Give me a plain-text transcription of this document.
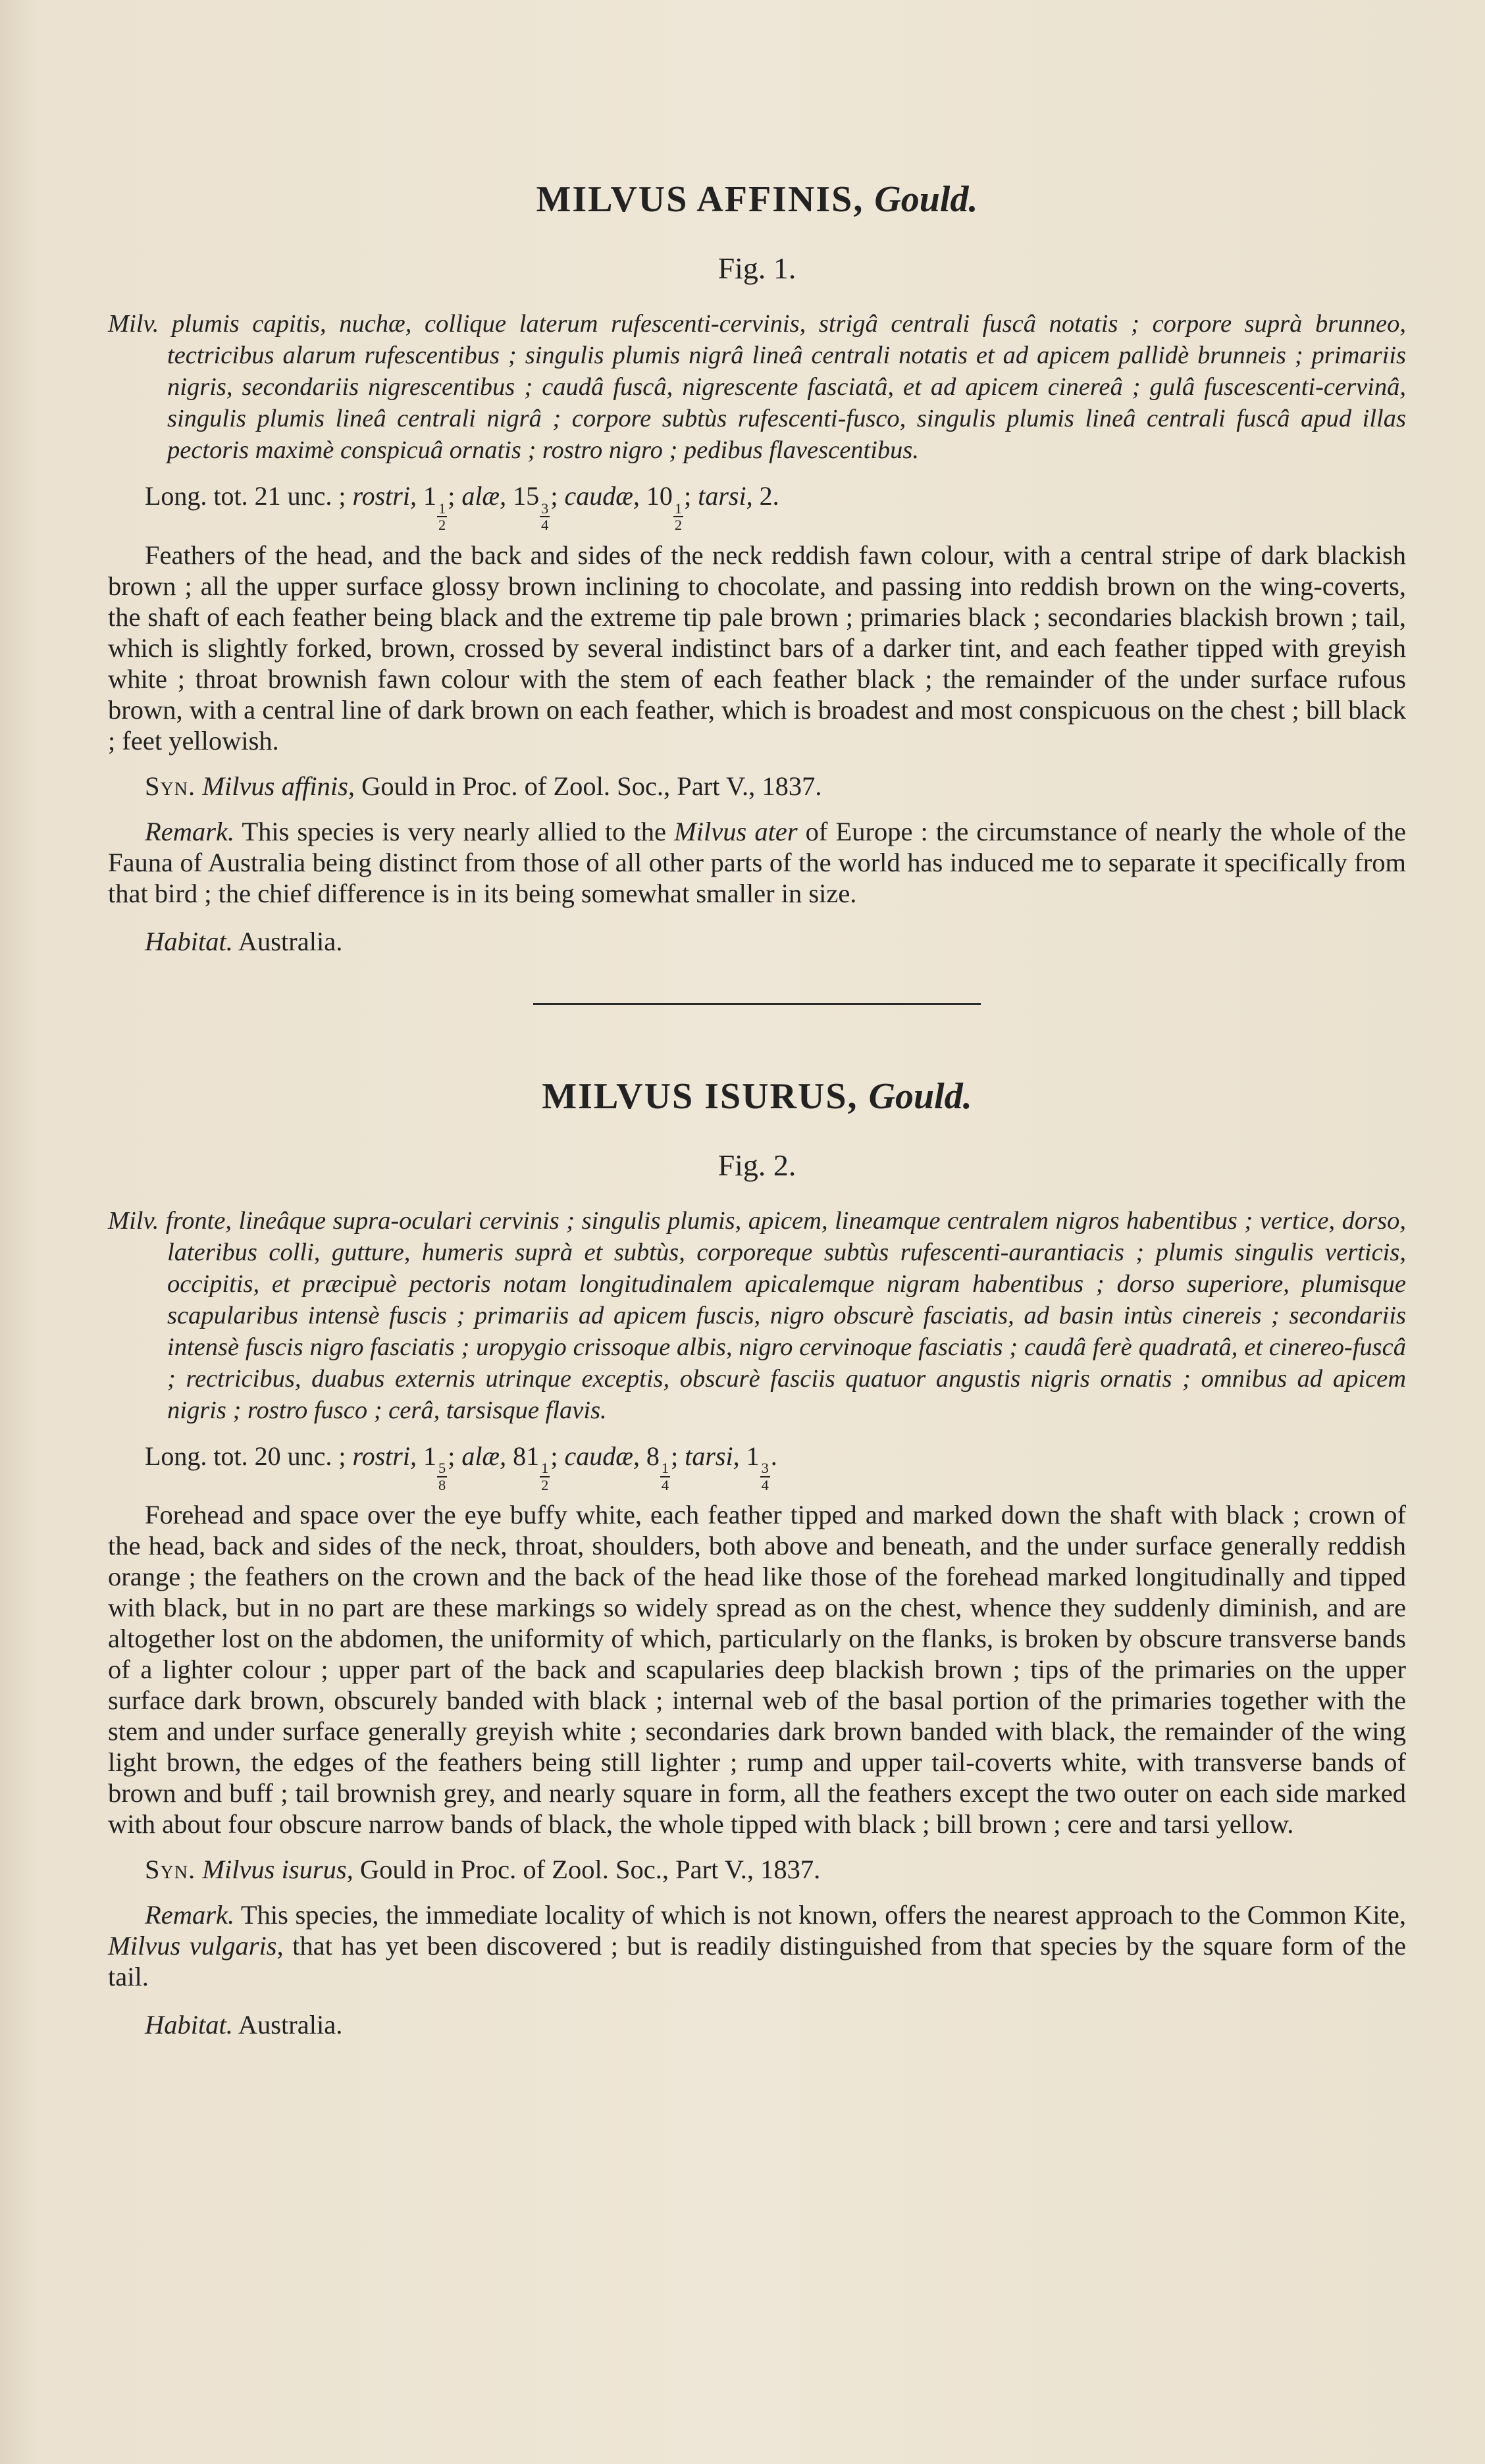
MILVUS AFFINIS, Gould.
Fig. 1.

Milv. plumis capitis, nuchæ, collique laterum rufescenti-cervinis, strigâ centrali fuscâ notatis ; corpore suprà brunneo, tectricibus alarum rufescentibus ; singulis plumis nigrâ lineâ centrali notatis et ad apicem pallidè brunneis ; primariis nigris, secondariis nigrescentibus ; caudâ fuscâ, nigrescente fasciatâ, et ad apicem cinereâ ; gulâ fuscescenti-cervinâ, singulis plumis lineâ centrali nigrâ ; corpore subtùs rufescenti-fusco, singulis plumis lineâ centrali fuscâ apud illas pectoris maximè conspicuâ ornatis ; rostro nigro ; pedibus flavescentibus.

Long. tot. 21 unc. ; rostri, 1
$\frac{1}{2}$
; alæ, 15
$\frac{3}{4}$
; caudæ, 10
$\frac{1}{2}$
; tarsi, 2.

Feathers of the head, and the back and sides of the neck reddish fawn colour, with a central stripe of dark blackish brown ; all the upper surface glossy brown inclining to chocolate, and passing into reddish brown on the wing-coverts, the shaft of each feather being black and the extreme tip pale brown ; primaries black ; secondaries blackish brown ; tail, which is slightly forked, brown, crossed by several indistinct bars of a darker tint, and each feather tipped with greyish white ; throat brownish fawn colour with the stem of each feather black ; the remainder of the under surface rufous brown, with a central line of dark brown on each feather, which is broadest and most conspicuous on the chest ; bill black ; feet yellowish.

Syn. Milvus affinis, Gould in Proc. of Zool. Soc., Part V., 1837.

Remark. This species is very nearly allied to the Milvus ater of Europe : the circumstance of nearly the whole of the Fauna of Australia being distinct from those of all other parts of the world has induced me to separate it specifically from that bird ; the chief difference is in its being somewhat smaller in size.

Habitat. Australia.

MILVUS ISURUS, Gould.
Fig. 2.

Milv. fronte, lineâque supra-oculari cervinis ; singulis plumis, apicem, lineamque centralem nigros habentibus ; vertice, dorso, lateribus colli, gutture, humeris suprà et subtùs, corporeque subtùs rufescenti-aurantiacis ; plumis singulis verticis, occipitis, et præcipuè pectoris notam longitudinalem apicalemque nigram habentibus ; dorso superiore, plumisque scapularibus intensè fuscis ; primariis ad apicem fuscis, nigro obscurè fasciatis, ad basin intùs cinereis ; secondariis intensè fuscis nigro fasciatis ; uropygio crissoque albis, nigro cervinoque fasciatis ; caudâ ferè quadratâ, et cinereo-fuscâ ; rectricibus, duabus externis utrinque exceptis, obscurè fasciis quatuor angustis nigris ornatis ; omnibus ad apicem nigris ; rostro fusco ; cerâ, tarsisque flavis.

Long. tot. 20 unc. ; rostri, 1
$\frac{5}{8}$
; alæ, 81
$\frac{1}{2}$
; caudæ, 8
$\frac{1}{4}$
; tarsi, 1
$\frac{3}{4}$
.

Forehead and space over the eye buffy white, each feather tipped and marked down the shaft with black ; crown of the head, back and sides of the neck, throat, shoulders, both above and beneath, and the under surface generally reddish orange ; the feathers on the crown and the back of the head like those of the forehead marked longitudinally and tipped with black, but in no part are these markings so widely spread as on the chest, whence they suddenly diminish, and are altogether lost on the abdomen, the uniformity of which, particularly on the flanks, is broken by obscure transverse bands of a lighter colour ; upper part of the back and scapularies deep blackish brown ; tips of the primaries on the upper surface dark brown, obscurely banded with black ; internal web of the basal portion of the primaries together with the stem and under surface generally greyish white ; secondaries dark brown banded with black, the remainder of the wing light brown, the edges of the feathers being still lighter ; rump and upper tail-coverts white, with transverse bands of brown and buff ; tail brownish grey, and nearly square in form, all the feathers except the two outer on each side marked with about four obscure narrow bands of black, the whole tipped with black ; bill brown ; cere and tarsi yellow.

Syn. Milvus isurus, Gould in Proc. of Zool. Soc., Part V., 1837.

Remark. This species, the immediate locality of which is not known, offers the nearest approach to the Common Kite, Milvus vulgaris, that has yet been discovered ; but is readily distinguished from that species by the square form of the tail.

Habitat. Australia.
